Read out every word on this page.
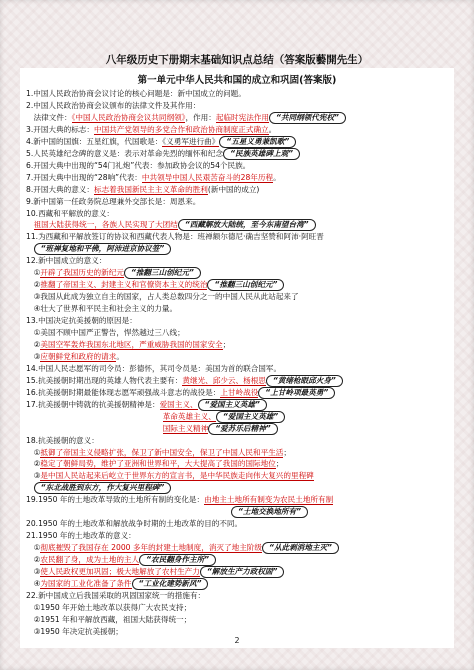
八年级历史下册期末基础知识点总结（答案版藝開先生）
第一单元中华人民共和国的成立和巩固(答案版)
1.中国人民政治协商会议讨论的核心问题是：新中国成立的问题。
2.中国人民政治协商会议颁布的法律文件及其作用：
　法律文件：《中国人民政治协商会议共同纲领》，作用：起临时宪法作用 “共同纲领代宪权”
3.开国大典的标志：中国共产党领导的多党合作和政治协商制度正式确立。
4.新中国的国旗：五星红旗，代国歌是：《义勇军进行曲》 “五星义勇兼凯歌”
5.人民英雄纪念碑的意义是：表示对革命先烈的缅怀和纪念 “民族英雄碑上观”
6.开国大典中出现的“54门礼炮”代表：参加政协会议的54个民族。
7.开国大典中出现的“28响”代表：中共领导中国人民艰苦奋斗的28年历程。
8.开国大典的意义：标志着我国新民主主义革命的胜利(新中国的成立)
9.新中国第一任政务院总理兼外交部长是：周恩来。
10.西藏和平解放的意义：
　祖国大陆获得统一，各族人民实现了大团结 “西藏解放大陆统，至今东南望台湾”
11.为西藏和平解放签订的协议和西藏代表人物是：班禅额尔德尼·确吉坚赞和阿沛·阿旺晋
　“班禅复地和平佛，阿沛进京协议签”
12.新中国成立的意义：
　①开辟了我国历史的新纪元 “推翻三山创纪元”
　②推翻了帝国主义、封建主义和官僚资本主义的统治 “推翻三山创纪元”
　③我国从此成为独立自主的国家，占人类总数四分之一的中国人民从此站起来了
　④壮大了世界和平民主和社会主义的力量。
13.中国决定抗美援朝的原因是：
　①美国不顾中国严正警告，悍然越过三八线；
　②美国空军轰炸我国东北地区，严重威胁我国的国家安全；
　③应朝鲜党和政府的请求。
14.中国人民志愿军的司令员：彭德怀，其司令员是：美国为首的联合国军。
15.抗美援朝时期出现的英雄人物代表主要有：黄继光、邱少云、杨根思 “黄绪枪眼邱火身”
16.抗美援朝时期最能体现志愿军顽强战斗意志的战役是：上甘岭战役 “上甘岭项最英勇”
17.抗美援朝中铸就的抗美援朝精神是：爱国主义、 “爱国主义英雄”
　　　　　　　　　　　　　　　　　　革命英雄主义、 “爱国主义英雄”
　　　　　　　　　　　　　　　　　　国际主义精神 “爱苏乐后精神”
18.抗美援朝的意义：
　①抵御了帝国主义侵略扩张，保卫了新中国安全，保卫了中国人民和平生活；
　②稳定了朝鲜局势，维护了亚洲和世界和平，大大提高了我国的国际地位；
　③是中国人民站起来后屹立于世界东方的宣言书，是中华民族走向伟大复兴的里程碑
　“东北战胜到东方，作大复兴里程碑”
19.1950 年的土地改革导致的土地所有制的变化是：由地主土地所有制变为农民土地所有制
　　　　　　　　　　　　　　　　　　　　　　　　　　　“土地交换地所有”
20.1950 年的土地改革和解放战争时期的土地改革的目的不同。
21.1950 年的土地改革的意义：
　①彻底摧毁了我国存在 2000 多年的封建土地制度，消灭了地主阶级 “从此剥消地主灭”
　②农民翻了身，成为土地的主人 “农民翻身作主所”
　③使人民政权更加巩固；极大地解放了农村生产力 “解放生产力政权固”
　④为国家的工业化准备了条件 “工业化建势新风”
22.新中国成立后我国采取的巩固国家统一的措施有：
　①1950 年开始土地改革以获得广大农民支持；
　②1951 年和平解放西藏，祖国大陆获得统一；
　③1950 年决定抗美援朝；
2
